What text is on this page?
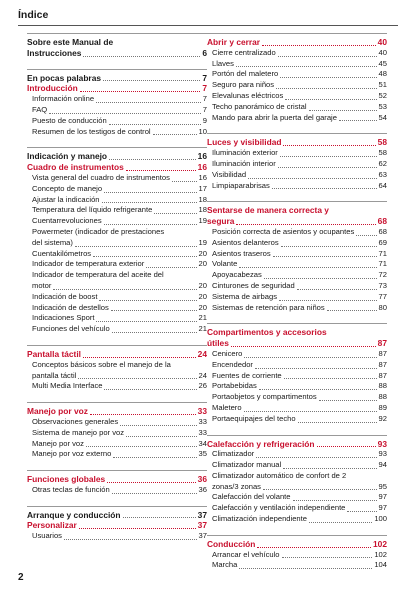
Índice
Sobre este Manual de
Instrucciones	6
En pocas palabras	7
Introducción	7
Información online	7
FAQ	7
Puesto de conducción	9
Resumen de los testigos de control	10
Indicación y manejo	16
Cuadro de instrumentos	16
Vista general del cuadro de instrumentos	16
Concepto de manejo	17
Ajustar la indicación	18
Temperatura del líquido refrigerante	18
Cuentarrevoluciones	19
Powermeter (indicador de prestaciones
del sistema)	19
Cuentakilómetros	20
Indicador de temperatura exterior	20
Indicador de temperatura del aceite del
motor	20
Indicación de boost	20
Indicación de destellos	20
Indicaciones Sport	21
Funciones del vehículo	21
Pantalla táctil	24
Conceptos básicos sobre el manejo de la
pantalla táctil	24
Multi Media Interface	26
Manejo por voz	33
Observaciones generales	33
Sistema de manejo por voz	33
Manejo por voz	34
Manejo por voz externo	35
Funciones globales	36
Otras teclas de función	36
Arranque y conducción	37
Personalizar	37
Usuarios	37
Abrir y cerrar	40
Cierre centralizado	40
Llaves	45
Portón del maletero	48
Seguro para niños	51
Elevalunas eléctricos	52
Techo panorámico de cristal	53
Mando para abrir la puerta del garaje	54
Luces y visibilidad	58
Iluminación exterior	58
Iluminación interior	62
Visibilidad	63
Limpiaparabrisas	64
Sentarse de manera correcta y
segura	68
Posición correcta de asientos y ocupantes	68
Asientos delanteros	69
Asientos traseros	71
Volante	71
Apoyacabezas	72
Cinturones de seguridad	73
Sistema de airbags	77
Sistemas de retención para niños	80
Compartimentos y accesorios
útiles	87
Cenicero	87
Encendedor	87
Fuentes de corriente	87
Portabebidas	88
Portaobjetos y compartimentos	88
Maletero	89
Portaequipajes del techo	92
Calefacción y refrigeración	93
Climatizador	93
Climatizador manual	94
Climatizador automático de confort de 2
zonas/3 zonas	95
Calefacción del volante	97
Calefacción y ventilación independiente	97
Climatización independiente	100
Conducción	102
Arrancar el vehículo	102
Marcha	104
2
